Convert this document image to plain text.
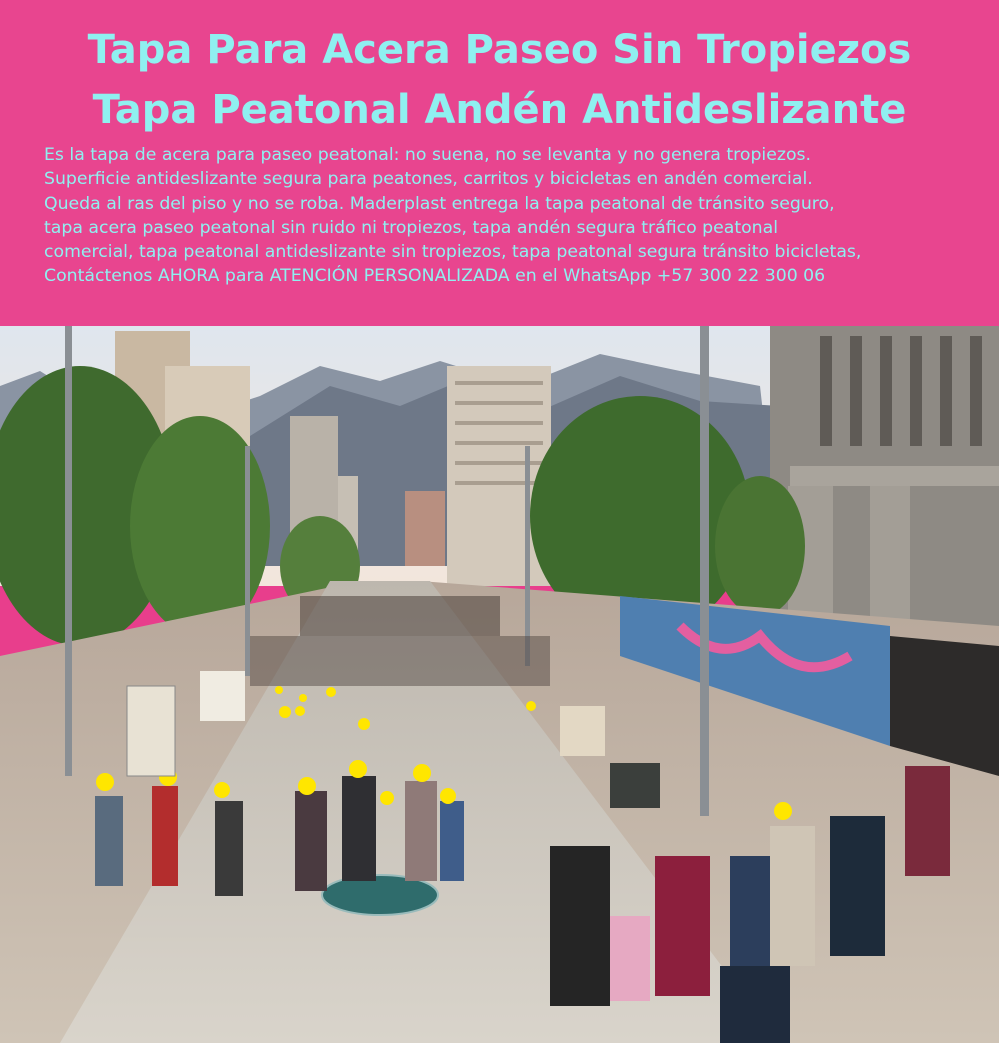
Tapa Para Acera Paseo Sin Tropiezos
Tapa Peatonal Andén Antideslizante
Es la tapa de acera para paseo peatonal: no suena, no se levanta y no genera tropiezos.
Superficie antideslizante segura para peatones, carritos y bicicletas en andén comercial.
Queda al ras del piso y no se roba. Maderplast entrega la tapa peatonal de tránsito seguro,
tapa acera paseo peatonal sin ruido ni tropiezos, tapa andén segura tráfico peatonal
comercial, tapa peatonal antideslizante sin tropiezos, tapa peatonal segura tránsito bicicletas,
Contáctenos AHORA para ATENCIÓN PERSONALIZADA en el WhatsApp +57 300 22 300 06
